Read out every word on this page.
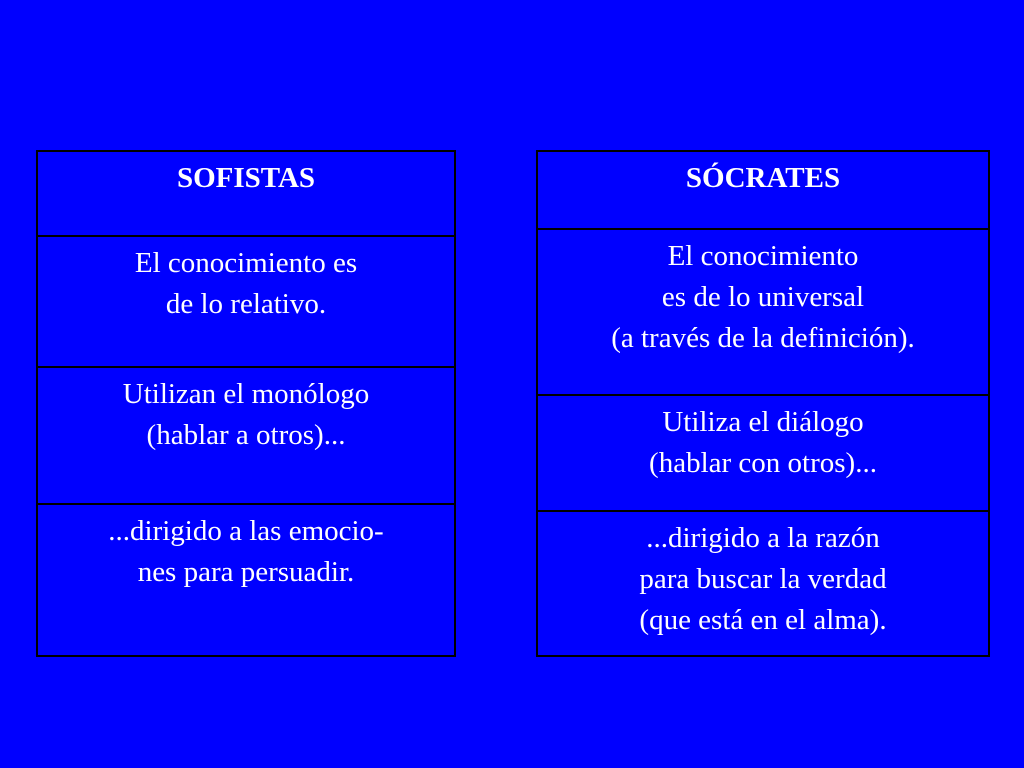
SOFISTAS
El conocimiento es
de lo relativo.
Utilizan el monólogo
(hablar a otros)...
...dirigido a las emocio-
nes para persuadir.
SÓCRATES
El conocimiento
es de lo universal
(a través de la definición).
Utiliza el diálogo
(hablar con otros)...
...dirigido a la razón
para buscar la verdad
(que está en el alma).
